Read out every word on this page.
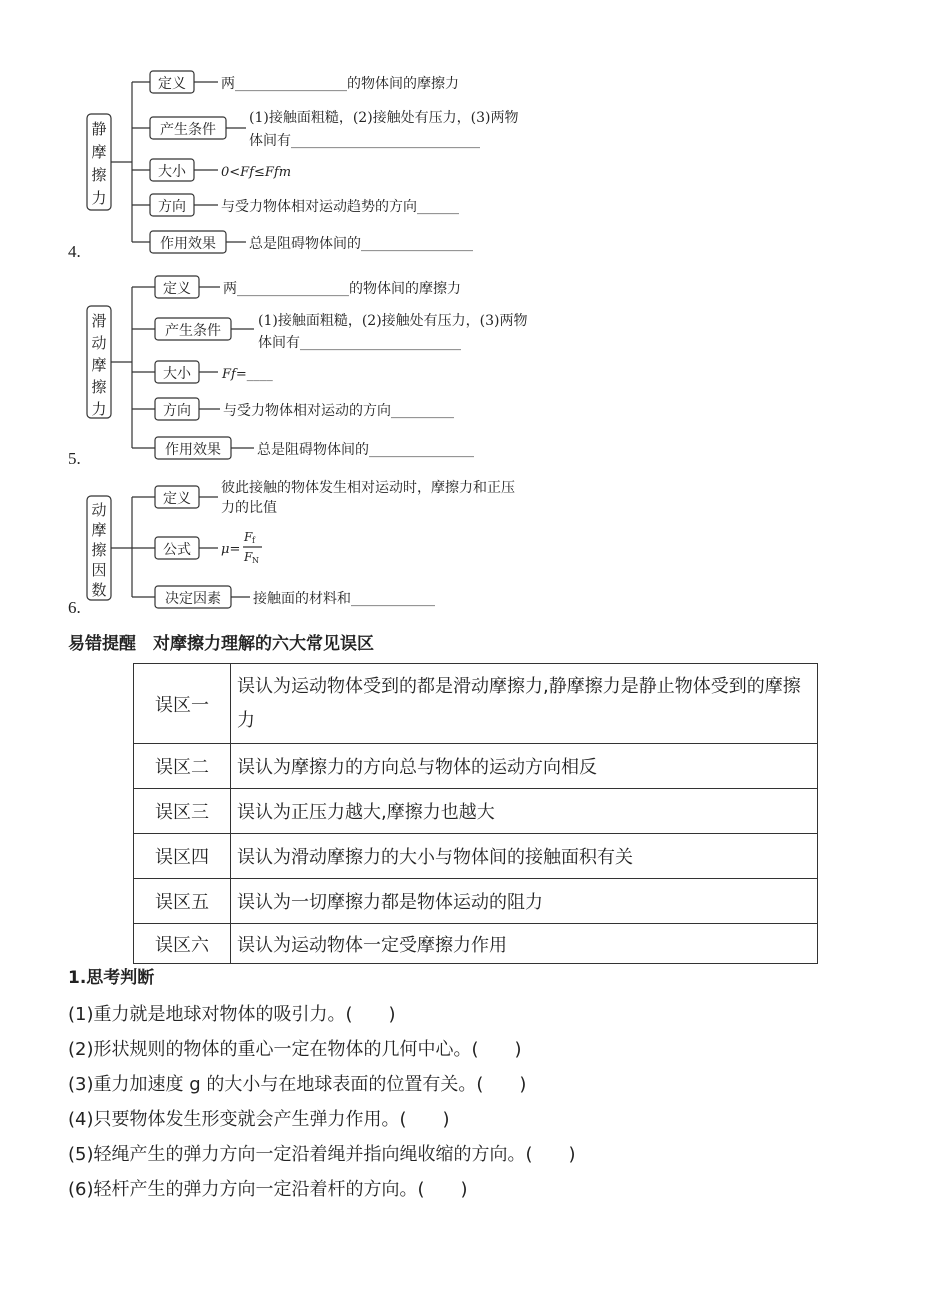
静
摩
擦
力
定义	两________________的物体间的摩擦力
产生条件
(1)接触面粗糙，(2)接触处有压力，(3)两物
体间有___________________________
大小	0<Ff≤Ffm
方向	与受力物体相对运动趋势的方向______
作用效果 总是阻碍物体间的________________
滑
动
摩
擦
力
定义 两________________的物体间的摩擦力
产生条件
(1)接触面粗糙，(2)接触处有压力，(3)两物
体间有_______________________
大小 Ff=____
方向 与受力物体相对运动的方向_________
作用效果	总是阻碍物体间的_______________
动
摩
擦
因
数
定义
彼此接触的物体发生相对运动时，摩擦力和正压
力的比值
公式 μ=
F f
F N
决定因素 接触面的材料和____________
4.
5.
6.
易错提醒　对摩擦力理解的六大常见误区
误区一	误认为运动物体受到的都是滑动摩擦力,静摩擦力是静止物体受到的摩擦力
误区二	误认为摩擦力的方向总与物体的运动方向相反
误区三	误认为正压力越大,摩擦力也越大
误区四	误认为滑动摩擦力的大小与物体间的接触面积有关
误区五	误认为一切摩擦力都是物体运动的阻力
误区六	误认为运动物体一定受摩擦力作用
1.思考判断
(1)重力就是地球对物体的吸引力。(　　)
(2)形状规则的物体的重心一定在物体的几何中心。(　　)
(3)重力加速度 g 的大小与在地球表面的位置有关。(　　)
(4)只要物体发生形变就会产生弹力作用。(　　)
(5)轻绳产生的弹力方向一定沿着绳并指向绳收缩的方向。(　　)
(6)轻杆产生的弹力方向一定沿着杆的方向。(　　)
